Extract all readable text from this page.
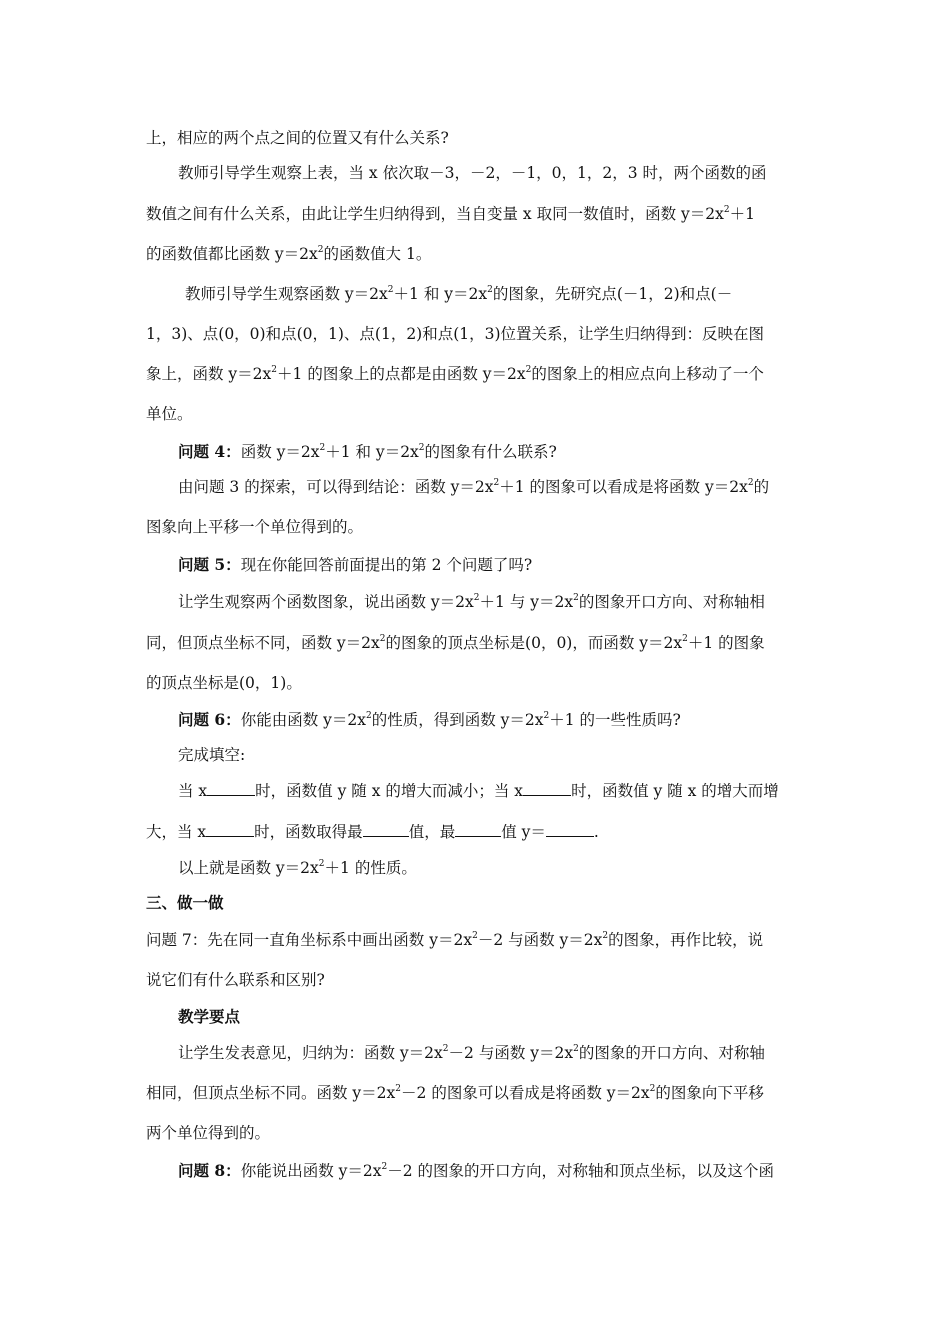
上，相应的两个点之间的位置又有什么关系?
教师引导学生观察上表，当 x 依次取－3，－2，－1，0，1，2，3 时，两个函数的函
数值之间有什么关系，由此让学生归纳得到，当自变量 x 取同一数值时，函数 $y=2x^2+1$
的函数值都比函数 $y=2x^2$的函数值大 1。
教师引导学生观察函数 $y=2x^2+1$ 和 $y=2x^2$的图象，先研究点(－1，2)和点(－
1，3)、点(0，0)和点(0，1)、点(1，2)和点(1，3)位置关系，让学生归纳得到：反映在图
象上，函数 $y=2x^2+1$ 的图象上的点都是由函数 $y=2x^2$的图象上的相应点向上移动了一个
单位。
问题 4：函数 $y=2x^2+1$ 和 $y=2x^2$的图象有什么联系?
由问题 3 的探索，可以得到结论：函数 $y=2x^2+1$ 的图象可以看成是将函数 $y=2x^2$的
图象向上平移一个单位得到的。
问题 5：现在你能回答前面提出的第 2 个问题了吗?
让学生观察两个函数图象，说出函数 $y=2x^2+1$ 与 $y=2x^2$的图象开口方向、对称轴相
同，但顶点坐标不同，函数 $y=2x^2$的图象的顶点坐标是(0，0)，而函数 $y=2x^2+1$ 的图象
的顶点坐标是(0，1)。
问题 6：你能由函数 $y=2x^2$的性质，得到函数 $y=2x^2+1$ 的一些性质吗?
完成填空:
当 x	时，函数值 y 随 x 的增大而减小；当 x	时，函数值 y 随 x 的增大而增
大，当 x	时，函数取得最	值，最	值 y＝	.
以上就是函数 $y=2x^2+1$ 的性质。
三、做一做
问题 7：先在同一直角坐标系中画出函数 $y=2x^2-2$ 与函数 $y=2x^2$的图象，再作比较，说
说它们有什么联系和区别?
教学要点
让学生发表意见，归纳为：函数 $y=2x^2-2$ 与函数 $y=2x^2$的图象的开口方向、对称轴
相同，但顶点坐标不同。函数 $y=2x^2-2$ 的图象可以看成是将函数 $y=2x^2$的图象向下平移
两个单位得到的。
问题 8：你能说出函数 $y=2x^2-2$ 的图象的开口方向，对称轴和顶点坐标，以及这个函
